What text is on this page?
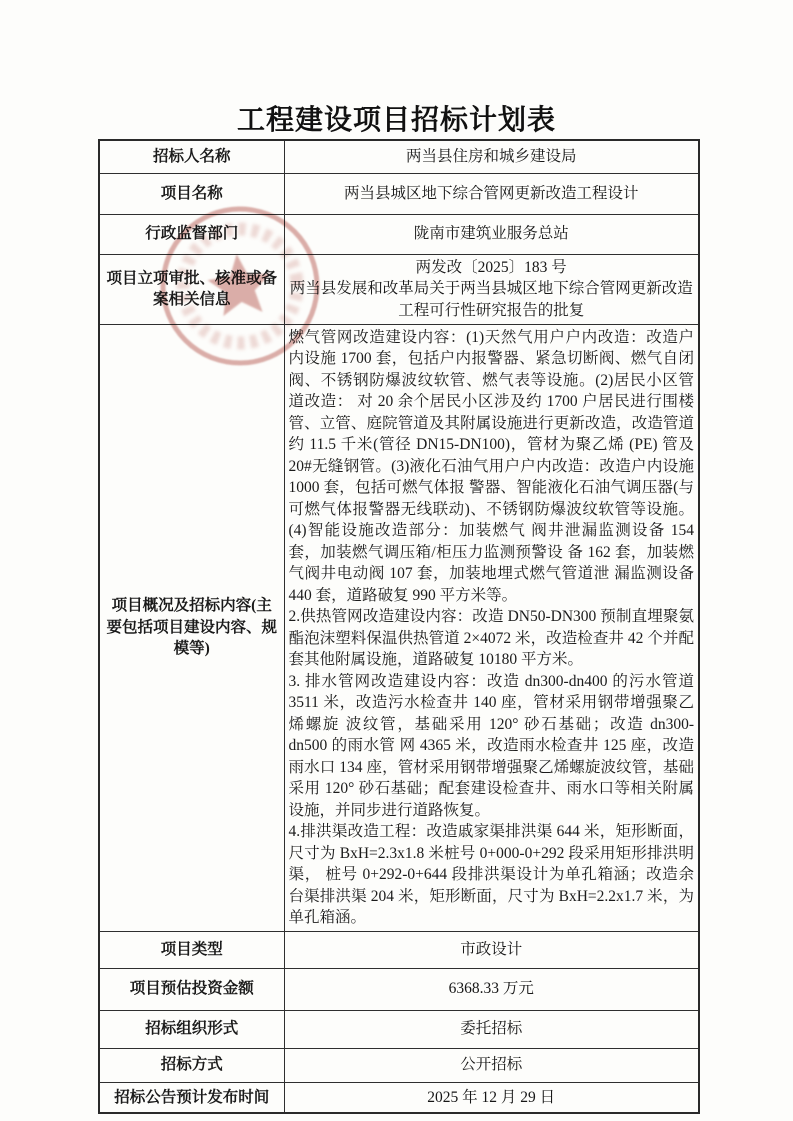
工程建设项目招标计划表
招标人名称	两当县住房和城乡建设局
项目名称	两当县城区地下综合管网更新改造工程设计
行政监督部门	陇南市建筑业服务总站
项目立项审批、核准或备案相关信息	两发改〔2025〕183 号
两当县发展和改革局关于两当县城区地下综合管网更新改造工程可行性研究报告的批复

项目概况及招标内容(主要包括项目建设内容、规模等)	燃气管网改造建设内容：(1)天然气用户户内改造：改造户内设施 1700 套，包括户内报警器、紧急切断阀、燃气自闭阀、不锈钢防爆波纹软管、燃气表等设施。(2)居民小区管道改造： 对 20 余个居民小区涉及约 1700 户居民进行围楼管、立管、庭院管道及其附属设施进行更新改造，改造管道约 11.5 千米(管径 DN15-DN100)，管材为聚乙烯 (PE) 管及 20#无缝钢管。(3)液化石油气用户户内改造：改造户内设施 1000 套，包括可燃气体报 警器、智能液化石油气调压器(与可燃气体报警器无线联动)、不锈钢防爆波纹软管等设施。(4)智能设施改造部分：加装燃气 阀井泄漏监测设备 154 套，加装燃气调压箱/柜压力监测预警设 备 162 套，加装燃气阀井电动阀 107 套，加装地埋式燃气管道泄 漏监测设备 440 套，道路破复 990 平方米等。

2.供热管网改造建设内容：改造 DN50-DN300 预制直埋聚氨 酯泡沫塑料保温供热管道 2×4072 米，改造检查井 42 个并配套其他附属设施，道路破复 10180 平方米。

3. 排水管网改造建设内容：改造 dn300-dn400 的污水管道 3511 米，改造污水检查井 140 座，管材采用钢带增强聚乙烯螺旋 波纹管，基础采用 120° 砂石基础；改造 dn300-dn500 的雨水管 网 4365 米，改造雨水检查井 125 座，改造雨水口 134 座，管材采用钢带增强聚乙烯螺旋波纹管，基础采用 120° 砂石基础；配套建设检查井、雨水口等相关附属设施，并同步进行道路恢复。

4.排洪渠改造工程：改造戚家渠排洪渠 644 米，矩形断面， 尺寸为 BxH=2.3x1.8 米桩号 0+000-0+292 段采用矩形排洪明渠， 桩号 0+292-0+644 段排洪渠设计为单孔箱涵；改造余台渠排洪渠 204 米，矩形断面，尺寸为 BxH=2.2x1.7 米，为单孔箱涵。

项目类型	市政设计
项目预估投资金额	6368.33 万元
招标组织形式	委托招标
招标方式	公开招标
招标公告预计发布时间	2025 年 12 月 29 日
